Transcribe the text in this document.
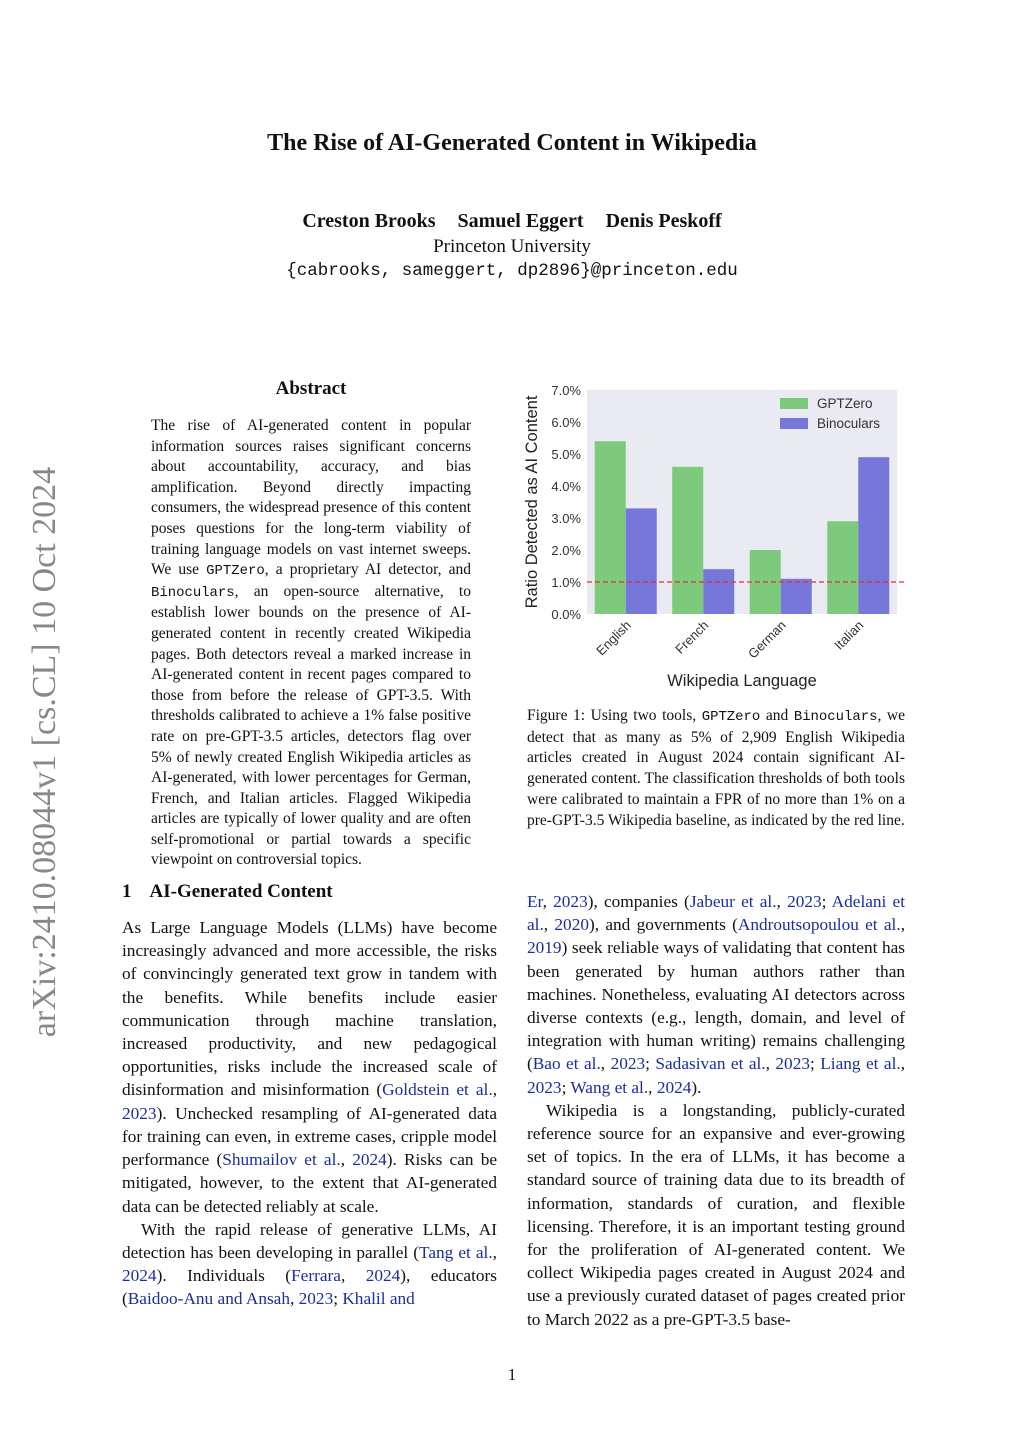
arXiv:2410.08044v1 [cs.CL] 10 Oct 2024
The Rise of AI-Generated Content in Wikipedia
Creston Brooks Samuel Eggert Denis Peskoff
Princeton University
{cabrooks, sameggert, dp2896}@princeton.edu
Abstract
The rise of AI-generated content in popular information sources raises significant concerns about accountability, accuracy, and bias amplification. Beyond directly impacting consumers, the widespread presence of this content poses questions for the long-term viability of training language models on vast internet sweeps. We use GPTZero, a proprietary AI detector, and Binoculars, an open-source alternative, to establish lower bounds on the presence of AI-generated content in recently created Wikipedia pages. Both detectors reveal a marked increase in AI-generated content in recent pages compared to those from before the release of GPT-3.5. With thresholds calibrated to achieve a 1% false positive rate on pre-GPT-3.5 articles, detectors flag over 5% of newly created English Wikipedia articles as AI-generated, with lower percentages for German, French, and Italian articles. Flagged Wikipedia articles are typically of lower quality and are often self-promotional or partial towards a specific viewpoint on controversial topics.
1 AI-Generated Content

As Large Language Models (LLMs) have become increasingly advanced and more accessible, the risks of convincingly generated text grow in tandem with the benefits. While benefits include easier communication through machine translation, increased productivity, and new pedagogical opportunities, risks include the increased scale of disinformation and misinformation (Goldstein et al., 2023). Unchecked resampling of AI-generated data for training can even, in extreme cases, cripple model performance (Shumailov et al., 2024). Risks can be mitigated, however, to the extent that AI-generated data can be detected reliably at scale.

With the rapid release of generative LLMs, AI detection has been developing in parallel (Tang et al., 2024). Individuals (Ferrara, 2024), educators (Baidoo-Anu and Ansah, 2023; Khalil and

Er, 2023), companies (Jabeur et al., 2023; Adelani et al., 2020), and governments (Androutsopoulou et al., 2019) seek reliable ways of validating that content has been generated by human authors rather than machines. Nonetheless, evaluating AI detectors across diverse contexts (e.g., length, domain, and level of integration with human writing) remains challenging (Bao et al., 2023; Sadasivan et al., 2023; Liang et al., 2023; Wang et al., 2024).

Wikipedia is a longstanding, publicly-curated reference source for an expansive and ever-growing set of topics. In the era of LLMs, it has become a standard source of training data due to its breadth of information, standards of curation, and flexible licensing. Therefore, it is an important testing ground for the proliferation of AI-generated content. We collect Wikipedia pages created in August 2024 and use a previously curated dataset of pages created prior to March 2022 as a pre-GPT-3.5 base-

0.0%
1.0%
2.0%
3.0%
4.0%
5.0%
6.0%
7.0%
English	French	German	Italian
Wikipedia Language
Ratio Detected as AI Content	GPTZero
Binoculars
Figure 1: Using two tools, GPTZero and Binoculars, we detect that as many as 5% of 2,909 English Wikipedia articles created in August 2024 contain significant AI-generated content. The classification thresholds of both tools were calibrated to maintain a FPR of no more than 1% on a pre-GPT-3.5 Wikipedia baseline, as indicated by the red line.
1
